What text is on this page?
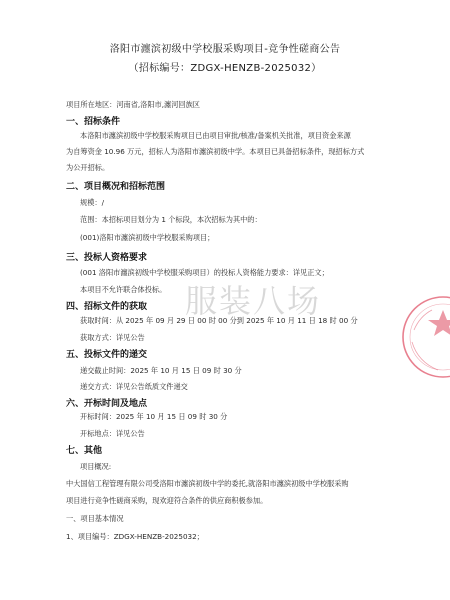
洛阳市瀍滨初级中学校服采购项目-竞争性磋商公告
（招标编号：ZDGX-HENZB-2025032）
项目所在地区：河南省,洛阳市,瀍河回族区
一、招标条件
本洛阳市瀍滨初级中学校服采购项目已由项目审批/核准/备案机关批准，项目资金来源
为自筹资金 10.96 万元，招标人为洛阳市瀍滨初级中学。本项目已具备招标条件，现招标方式
为公开招标。
二、项目概况和招标范围
规模：/
范围：本招标项目划分为 1 个标段，本次招标为其中的：
(001)洛阳市瀍滨初级中学校服采购项目；
三、投标人资格要求
(001 洛阳市瀍滨初级中学校服采购项目）的投标人资格能力要求：详见正文；
本项目不允许联合体投标。
四、招标文件的获取
获取时间：从 2025 年 09 月 29 日 00 时 00 分到 2025 年 10 月 11 日 18 时 00 分
获取方式：详见公告
五、投标文件的递交
递交截止时间：2025 年 10 月 15 日 09 时 30 分
递交方式：详见公告纸质文件递交
六、开标时间及地点
开标时间：2025 年 10 月 15 日 09 时 30 分
开标地点：详见公告
七、其他
项目概况:
中大国信工程管理有限公司受洛阳市瀍滨初级中学的委托,就洛阳市瀍滨初级中学校服采购
项目进行竞争性磋商采购，现欢迎符合条件的供应商积极参加。
一、项目基本情况
1、项目编号：ZDGX-HENZB-2025032；
服装八场
